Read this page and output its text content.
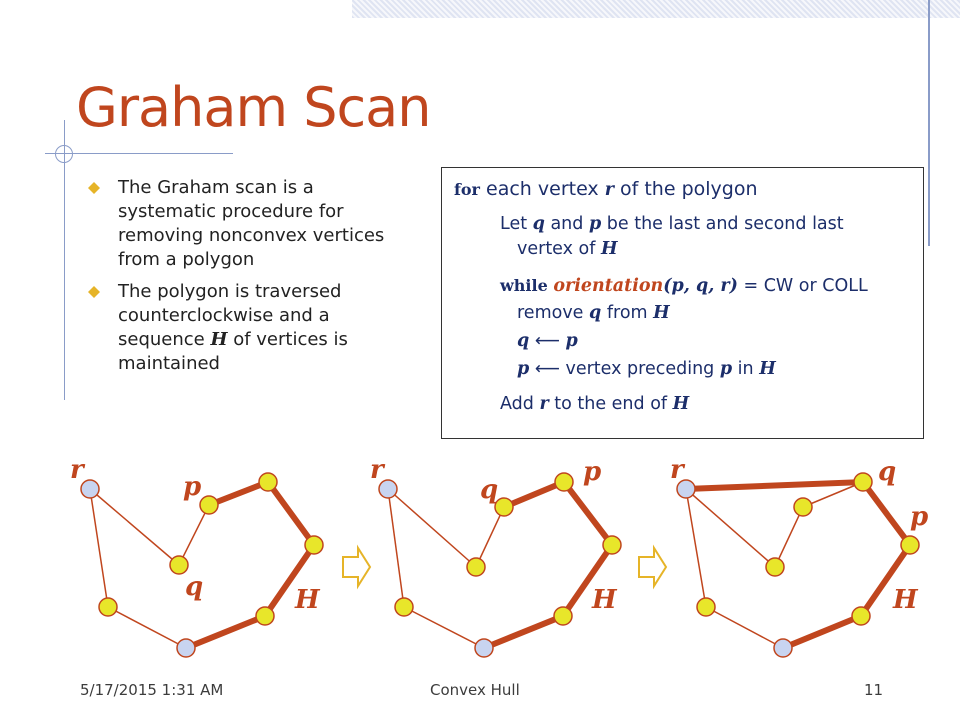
Graham Scan
The Graham scan is a systematic procedure for removing nonconvex vertices from a polygon
The polygon is traversed counterclockwise and a sequence H of vertices is maintained
for each vertex r of the polygon
Let q and p be the last and second last
vertex of H
while orientation(p, q, r) = CW or COLL
remove q from H
q ⟵ p
p ⟵ vertex preceding p in H
Add r to the end of H
r
p
q	H
r
q
p
H
r	q
p
H
5/17/2015 1:31 AM	Convex Hull	11
